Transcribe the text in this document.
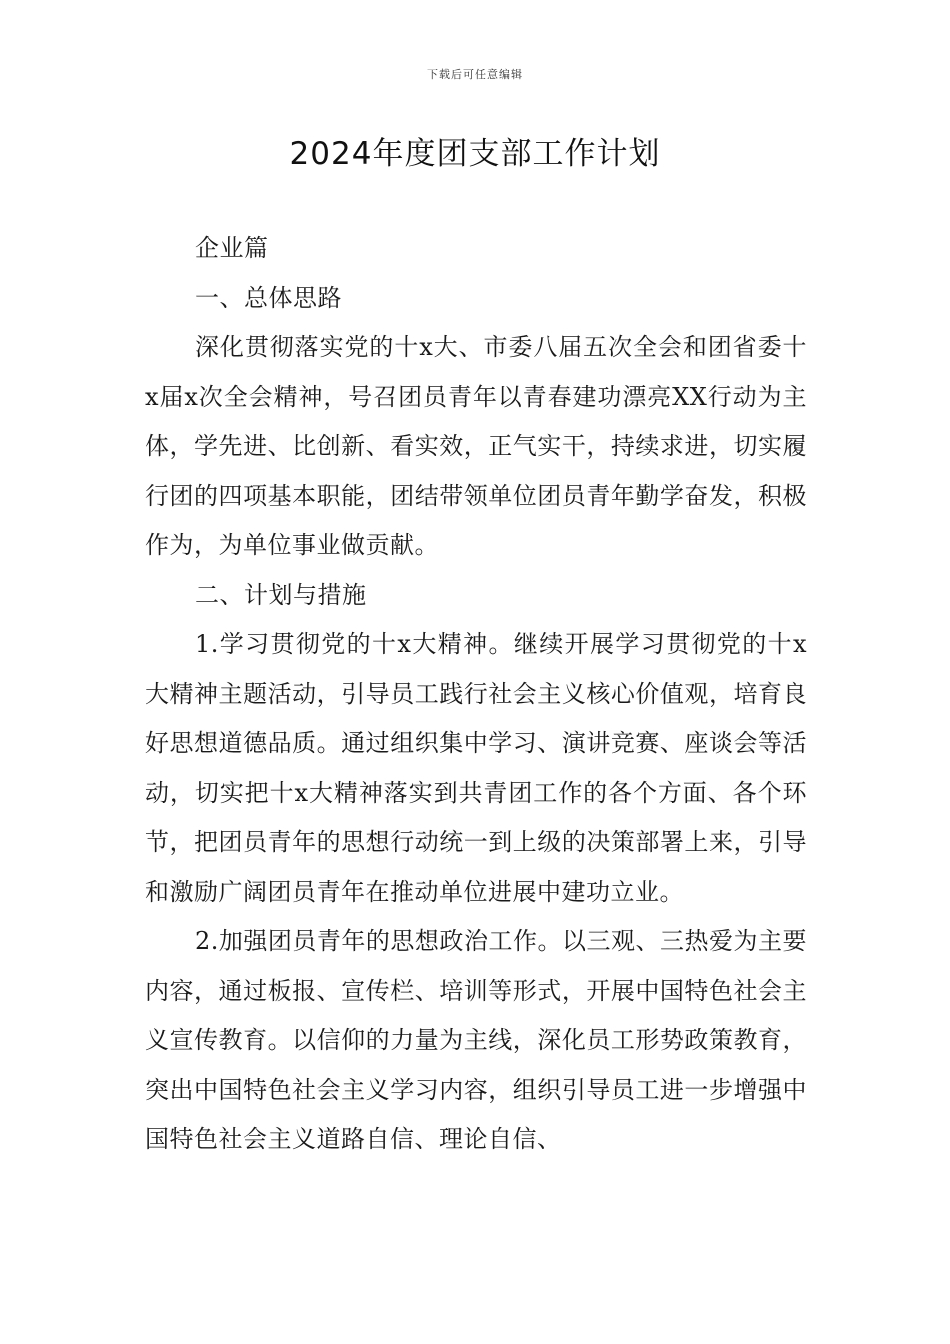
下载后可任意编辑
2024年度团支部工作计划

企业篇

一、总体思路

深化贯彻落实党的十x大、市委八届五次全会和团省委十x届x次全会精神，号召团员青年以青春建功漂亮XX行动为主体，学先进、比创新、看实效，正气实干，持续求进，切实履行团的四项基本职能，团结带领单位团员青年勤学奋发，积极作为，为单位事业做贡献。

二、计划与措施

1.学习贯彻党的十x大精神。继续开展学习贯彻党的十x大精神主题活动，引导员工践行社会主义核心价值观，培育良好思想道德品质。通过组织集中学习、演讲竞赛、座谈会等活动，切实把十x大精神落实到共青团工作的各个方面、各个环节，把团员青年的思想行动统一到上级的决策部署上来，引导和激励广阔团员青年在推动单位进展中建功立业。

2.加强团员青年的思想政治工作。以三观、三热爱为主要内容，通过板报、宣传栏、培训等形式，开展中国特色社会主义宣传教育。以信仰的力量为主线，深化员工形势政策教育，突出中国特色社会主义学习内容，组织引导员工进一步增强中国特色社会主义道路自信、理论自信、
